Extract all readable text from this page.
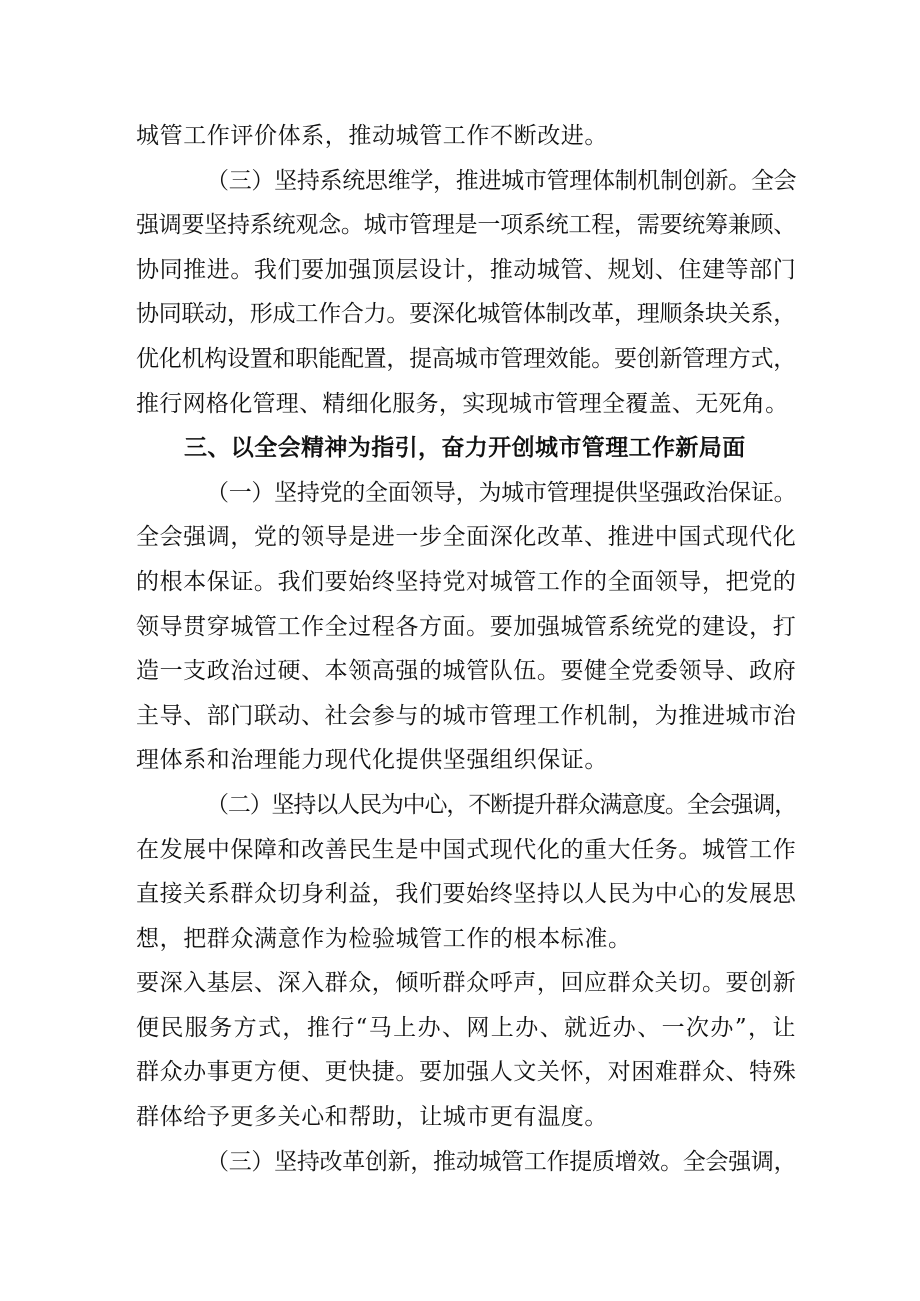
城管工作评价体系，推动城管工作不断改进。
（三）坚持系统思维学，推进城市管理体制机制创新。全会
强调要坚持系统观念。城市管理是一项系统工程，需要统筹兼顾、
协同推进。我们要加强顶层设计，推动城管、规划、住建等部门
协同联动，形成工作合力。要深化城管体制改革，理顺条块关系，
优化机构设置和职能配置，提高城市管理效能。要创新管理方式，
推行网格化管理、精细化服务，实现城市管理全覆盖、无死角。
三、以全会精神为指引，奋力开创城市管理工作新局面
（一）坚持党的全面领导，为城市管理提供坚强政治保证。
全会强调，党的领导是进一步全面深化改革、推进中国式现代化
的根本保证。我们要始终坚持党对城管工作的全面领导，把党的
领导贯穿城管工作全过程各方面。要加强城管系统党的建设，打
造一支政治过硬、本领高强的城管队伍。要健全党委领导、政府
主导、部门联动、社会参与的城市管理工作机制，为推进城市治
理体系和治理能力现代化提供坚强组织保证。
（二）坚持以人民为中心，不断提升群众满意度。全会强调，
在发展中保障和改善民生是中国式现代化的重大任务。城管工作
直接关系群众切身利益，我们要始终坚持以人民为中心的发展思
想，把群众满意作为检验城管工作的根本标准。
要深入基层、深入群众，倾听群众呼声，回应群众关切。要创新
便民服务方式，推行“马上办、网上办、就近办、一次办”，让
群众办事更方便、更快捷。要加强人文关怀，对困难群众、特殊
群体给予更多关心和帮助，让城市更有温度。
（三）坚持改革创新，推动城管工作提质增效。全会强调，
